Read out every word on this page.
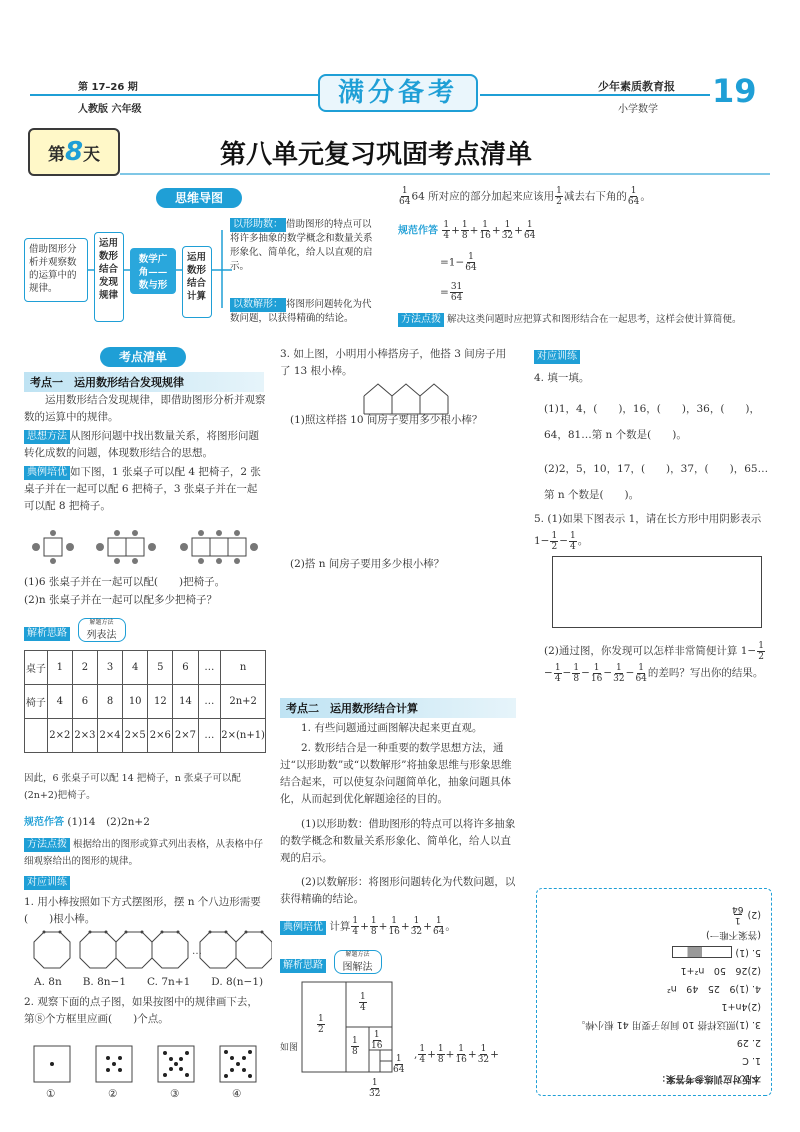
第 17–26 期
人教版 六年级
满分备考	少年素质教育报
小学数学 19
第8天	第八单元复习巩固考点清单
思维导图
借助图形分析并观察数的运算中的规律。
运用数形结合发现规律
数学广角——数与形
运用数形结合计算
以形助数： 借助图形的特点可以将许多抽象的数学概念和数量关系形象化、简单化，给人以直观的启示。
以数解形： 将图形问题转化为代数问题，以获得精确的结论。
$\frac{1}{64} 64$ 所对应的部分加起来应该用 $\frac{1}{2}$ 减去右下角的 $\frac{1}{64}$ 。
规范作答 $\frac{1}{4} + \frac{1}{8} + \frac{1}{16} + \frac{1}{32} + \frac{1}{64}$
$=1- \frac{1}{64}$
= $\frac{31}{64}$
方法点拨 解决这类问题时应把算式和图形结合在一起思考，这样会使计算简便。
考点清单
考点一　运用数形结合发现规律
运用数形结合发现规律，即借助图形分析并观察数的运算中的规律。
思想方法 从图形问题中找出数量关系，将图形问题转化成数的问题，体现数形结合的思想。
典例培优 如下图，1 张桌子可以配 4 把椅子，2 张桌子并在一起可以配 6 把椅子，3 张桌子并在一起可以配 8 把椅子。
(1)6 张桌子并在一起可以配(　　)把椅子。
(2)n 张桌子并在一起可以配多少把椅子？
解析思路
解题方法
列表法
桌子	1	2	3	4	5	6	…	n
椅子	4	6	8	10	12	14	…	2n+2
	2×2	2×3	2×4	2×5	2×6	2×7	…	2×(n+1)
因此，6 张桌子可以配 14 把椅子，n 张桌子可以配(2n+2)把椅子。
规范作答 (1)14　(2)2n+2
方法点拨 根据给出的图形或算式列出表格，从表格中仔细观察给出的图形的规律。
对应训练
1. 用小棒按照如下方式摆图形，摆 n 个八边形需要(　　)根小棒。
…
A. 8n　　B. 8n−1　　C. 7n+1　　D. 8(n−1)
2. 观察下面的点子图，如果按图中的规律画下去，第⑧个方框里应画(　　)个点。
①	②	③	④
3. 如上图，小明用小棒搭房子，他搭 3 间房子用了 13 根小棒。
(1)照这样搭 10 间房子要用多少根小棒？
(2)搭 n 间房子要用多少根小棒？
考点二　运用数形结合计算
1. 有些问题通过画图解决起来更直观。
2. 数形结合是一种重要的数学思想方法，通过“以形助数”或“以数解形”将抽象思维与形象思维结合起来，可以使复杂问题简单化，抽象问题具体化，从而起到优化解题途径的目的。
(1)以形助数：借助图形的特点可以将许多抽象的数学概念和数量关系形象化、简单化，给人以直观的启示。
(2)以数解形：将图形问题转化为代数问题，以获得精确的结论。
典例培优 计算 $\frac{1}{4} + \frac{1}{8} + \frac{1}{16} + \frac{1}{32} + \frac{1}{64}$ 。
解析思路
解题方法
图解法
$\frac{1}{2}$
$\frac{1}{4}$
$\frac{1}{8} \frac{1}{16}$
$\frac{1}{64}$
$\frac{1}{32}$
如图
, $\frac{1}{4} + \frac{1}{8} + \frac{1}{16} + \frac{1}{32}$ +
对应训练
4. 填一填。
(1)1，4，(　　)，16，(　　)，36，(　　)，64，81…第 n 个数是(　　)。
(2)2，5，10，17，(　　)，37，(　　)，65…第 n 个数是(　　)。
5. (1)如果下图表示 1，请在长方形中用阴影表示 $1- \frac{1}{2} - \frac{1}{4}$ 。
(2)通过图，你发现可以怎样非常简便计算 $1- \frac{1}{2}$
− $\frac{1}{4} - \frac{1}{8} - \frac{1}{16} - \frac{1}{32} - \frac{1}{64}$ 的差吗？写出你的结果。
本版对应训练参考答案：
1. C
2. 29
3. (1)照这样搭 10 间房子要用 41 根小棒。
(2)4n+1
4. (1)9　25　49　n²
(2)26　50　n²+1
5. (1)
(答案不唯一)
(2)
1
64
